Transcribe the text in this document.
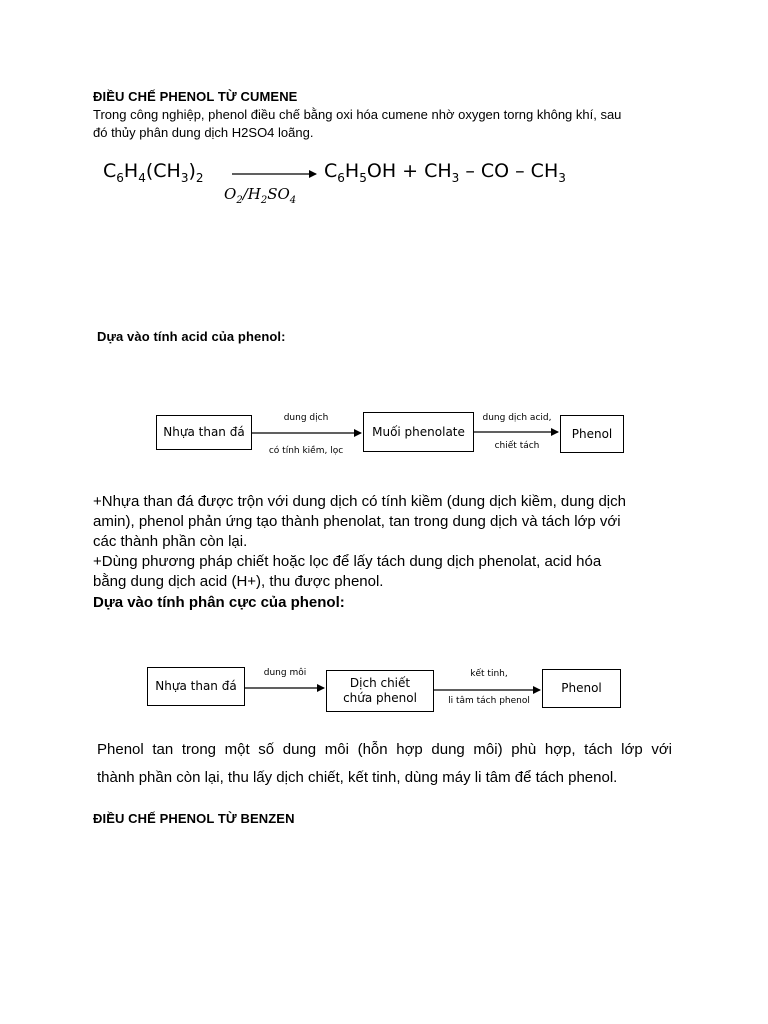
ĐIỀU CHẾ PHENOL TỪ CUMENE
Trong công nghiệp, phenol điều chế bằng oxi hóa cumene nhờ oxygen torng không khí, sau
đó thủy phân dung dịch H2SO4 loãng.
$C_6H_4(CH_3)_2$
$O_2/H_2SO_4$
$C_6H_5OH + CH_3$ – CO – $CH_3$
Dựa vào tính acid của phenol:
Nhựa than đá
dung dịch
có tính kiềm, lọc
Muối phenolate
dung dịch acid,
chiết tách
Phenol
+Nhựa than đá được trộn với dung dịch có tính kiềm (dung dịch kiềm, dung dịch
amin), phenol phản ứng tạo thành phenolat, tan trong dung dịch và tách lớp với
các thành phần còn lại.
+Dùng phương pháp chiết hoặc lọc để lấy tách dung dịch phenolat, acid hóa
bằng dung dịch acid (H+), thu được phenol.
Dựa vào tính phân cực của phenol:
Nhựa than đá
dung môi
Dịch chiết
chứa phenol
kết tinh,
li tâm tách phenol
Phenol
Phenol tan trong một số dung môi (hỗn hợp dung môi) phù hợp, tách lớp với
thành phần còn lại, thu lấy dịch chiết, kết tinh, dùng máy li tâm để tách phenol.
ĐIỀU CHẾ PHENOL TỪ BENZEN
